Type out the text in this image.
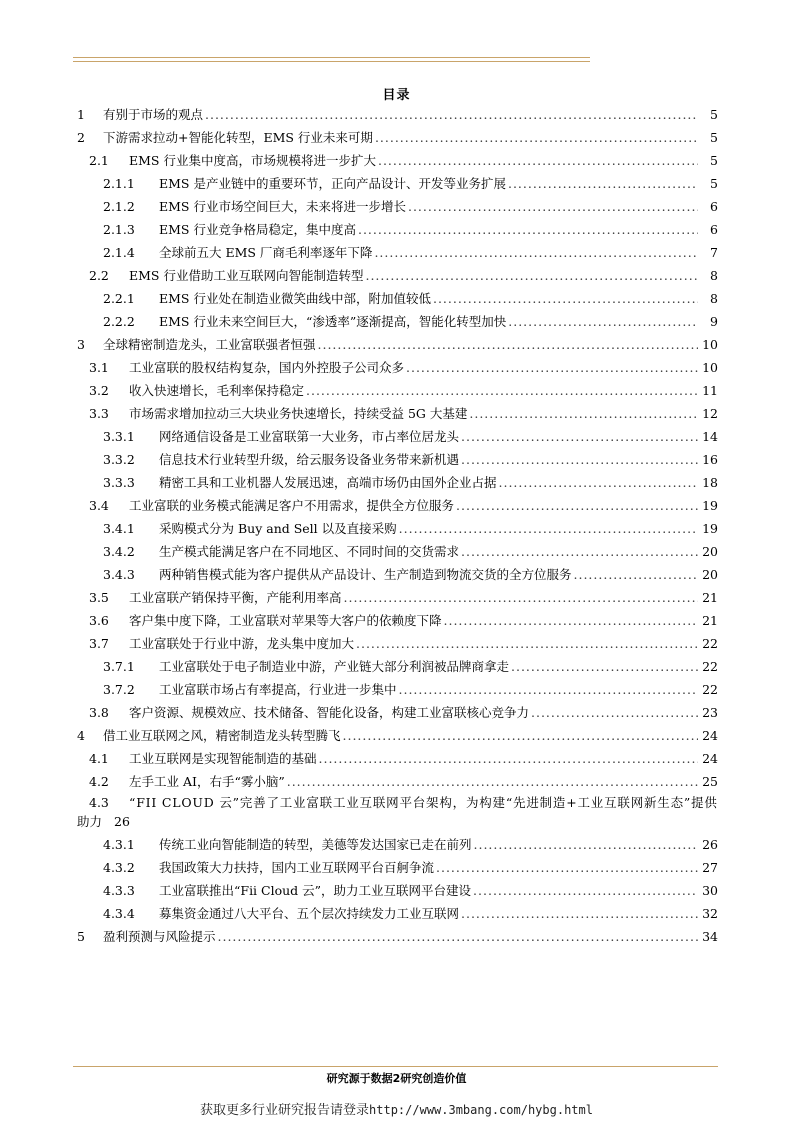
目录
1 有别于市场的观点 .....	5
2 下游需求拉动+智能化转型，EMS 行业未来可期 .....	5
2.1 EMS 行业集中度高，市场规模将进一步扩大 .....	5
2.1.1 EMS 是产业链中的重要环节，正向产品设计、开发等业务扩展 .....	5
2.1.2 EMS 行业市场空间巨大，未来将进一步增长 .....	6
2.1.3 EMS 行业竞争格局稳定，集中度高 .....	6
2.1.4 全球前五大 EMS 厂商毛利率逐年下降 .....	7
2.2 EMS 行业借助工业互联网向智能制造转型 .....	8
2.2.1 EMS 行业处在制造业微笑曲线中部，附加值较低 .....	8
2.2.2 EMS 行业未来空间巨大，“渗透率”逐渐提高，智能化转型加快 .....	9
3 全球精密制造龙头，工业富联强者恒强 .....	10
3.1 工业富联的股权结构复杂，国内外控股子公司众多 .....	10
3.2 收入快速增长，毛利率保持稳定 .....	11
3.3 市场需求增加拉动三大块业务快速增长，持续受益 5G 大基建 .....	12
3.3.1 网络通信设备是工业富联第一大业务，市占率位居龙头 .....	14
3.3.2 信息技术行业转型升级，给云服务设备业务带来新机遇 .....	16
3.3.3 精密工具和工业机器人发展迅速，高端市场仍由国外企业占据 .....	18
3.4 工业富联的业务模式能满足客户不用需求，提供全方位服务 .....	19
3.4.1 采购模式分为 Buy and Sell 以及直接采购 .....	19
3.4.2 生产模式能满足客户在不同地区、不同时间的交货需求 .....	20
3.4.3 两种销售模式能为客户提供从产品设计、生产制造到物流交货的全方位服务 .....	20
3.5 工业富联产销保持平衡，产能利用率高 .....	21
3.6 客户集中度下降，工业富联对苹果等大客户的依赖度下降 .....	21
3.7 工业富联处于行业中游，龙头集中度加大 .....	22
3.7.1 工业富联处于电子制造业中游，产业链大部分利润被品牌商拿走 .....	22
3.7.2 工业富联市场占有率提高，行业进一步集中 .....	22
3.8 客户资源、规模效应、技术储备、智能化设备，构建工业富联核心竞争力 .....	23
4 借工业互联网之风，精密制造龙头转型腾飞 .....	24
4.1 工业互联网是实现智能制造的基础 .....	24
4.2 左手工业 AI，右手“雾小脑” .....	25
4.3 “FII CLOUD 云”完善了工业富联工业互联网平台架构，为构建“先进制造+工业互联网新生态”提供
助力 26
4.3.1 传统工业向智能制造的转型，美德等发达国家已走在前列 .....	26
4.3.2 我国政策大力扶持，国内工业互联网平台百舸争流 .....	27
4.3.3 工业富联推出“Fii Cloud 云”，助力工业互联网平台建设 .....	30
4.3.4 募集资金通过八大平台、五个层次持续发力工业互联网 .....	32
5 盈利预测与风险提示 .....	34
研究源于数据2研究创造价值
获取更多行业研究报告请登录http://www.3mbang.com/hybg.html
